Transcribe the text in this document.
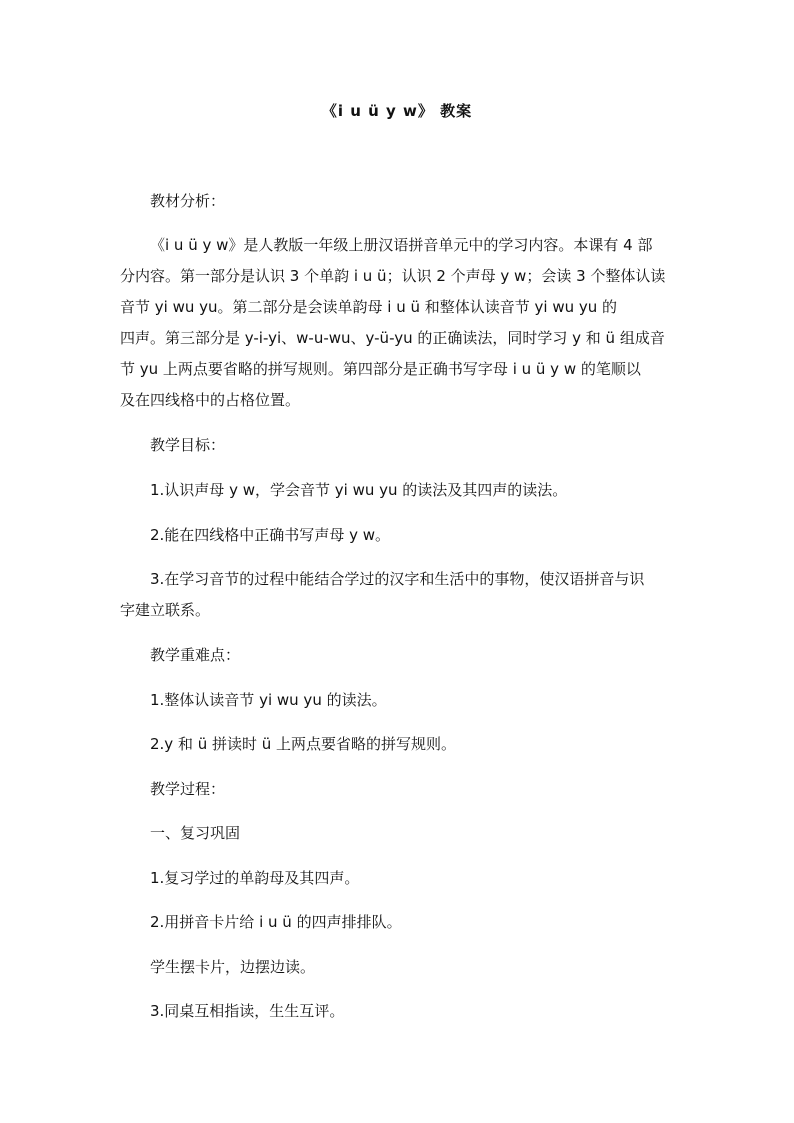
《i u ü y w》 教案
教材分析：
《i u ü y w》是人教版一年级上册汉语拼音单元中的学习内容。本课有 4 部
分内容。第一部分是认识 3 个单韵 i u ü；认识 2 个声母 y w；会读 3 个整体认读
音节 yi wu yu。第二部分是会读单韵母 i u ü 和整体认读音节 yi wu yu 的
四声。第三部分是 y-i-yi、w-u-wu、y-ü-yu 的正确读法，同时学习 y 和 ü 组成音
节 yu 上两点要省略的拼写规则。第四部分是正确书写字母 i u ü y w 的笔顺以
及在四线格中的占格位置。
教学目标：
1.认识声母 y w，学会音节 yi wu yu 的读法及其四声的读法。
2.能在四线格中正确书写声母 y w。
3.在学习音节的过程中能结合学过的汉字和生活中的事物，使汉语拼音与识
字建立联系。
教学重难点：
1.整体认读音节 yi wu yu 的读法。
2.y 和 ü 拼读时 ü 上两点要省略的拼写规则。
教学过程：
一、复习巩固
1.复习学过的单韵母及其四声。
2.用拼音卡片给 i u ü 的四声排排队。
学生摆卡片，边摆边读。
3.同桌互相指读，生生互评。
